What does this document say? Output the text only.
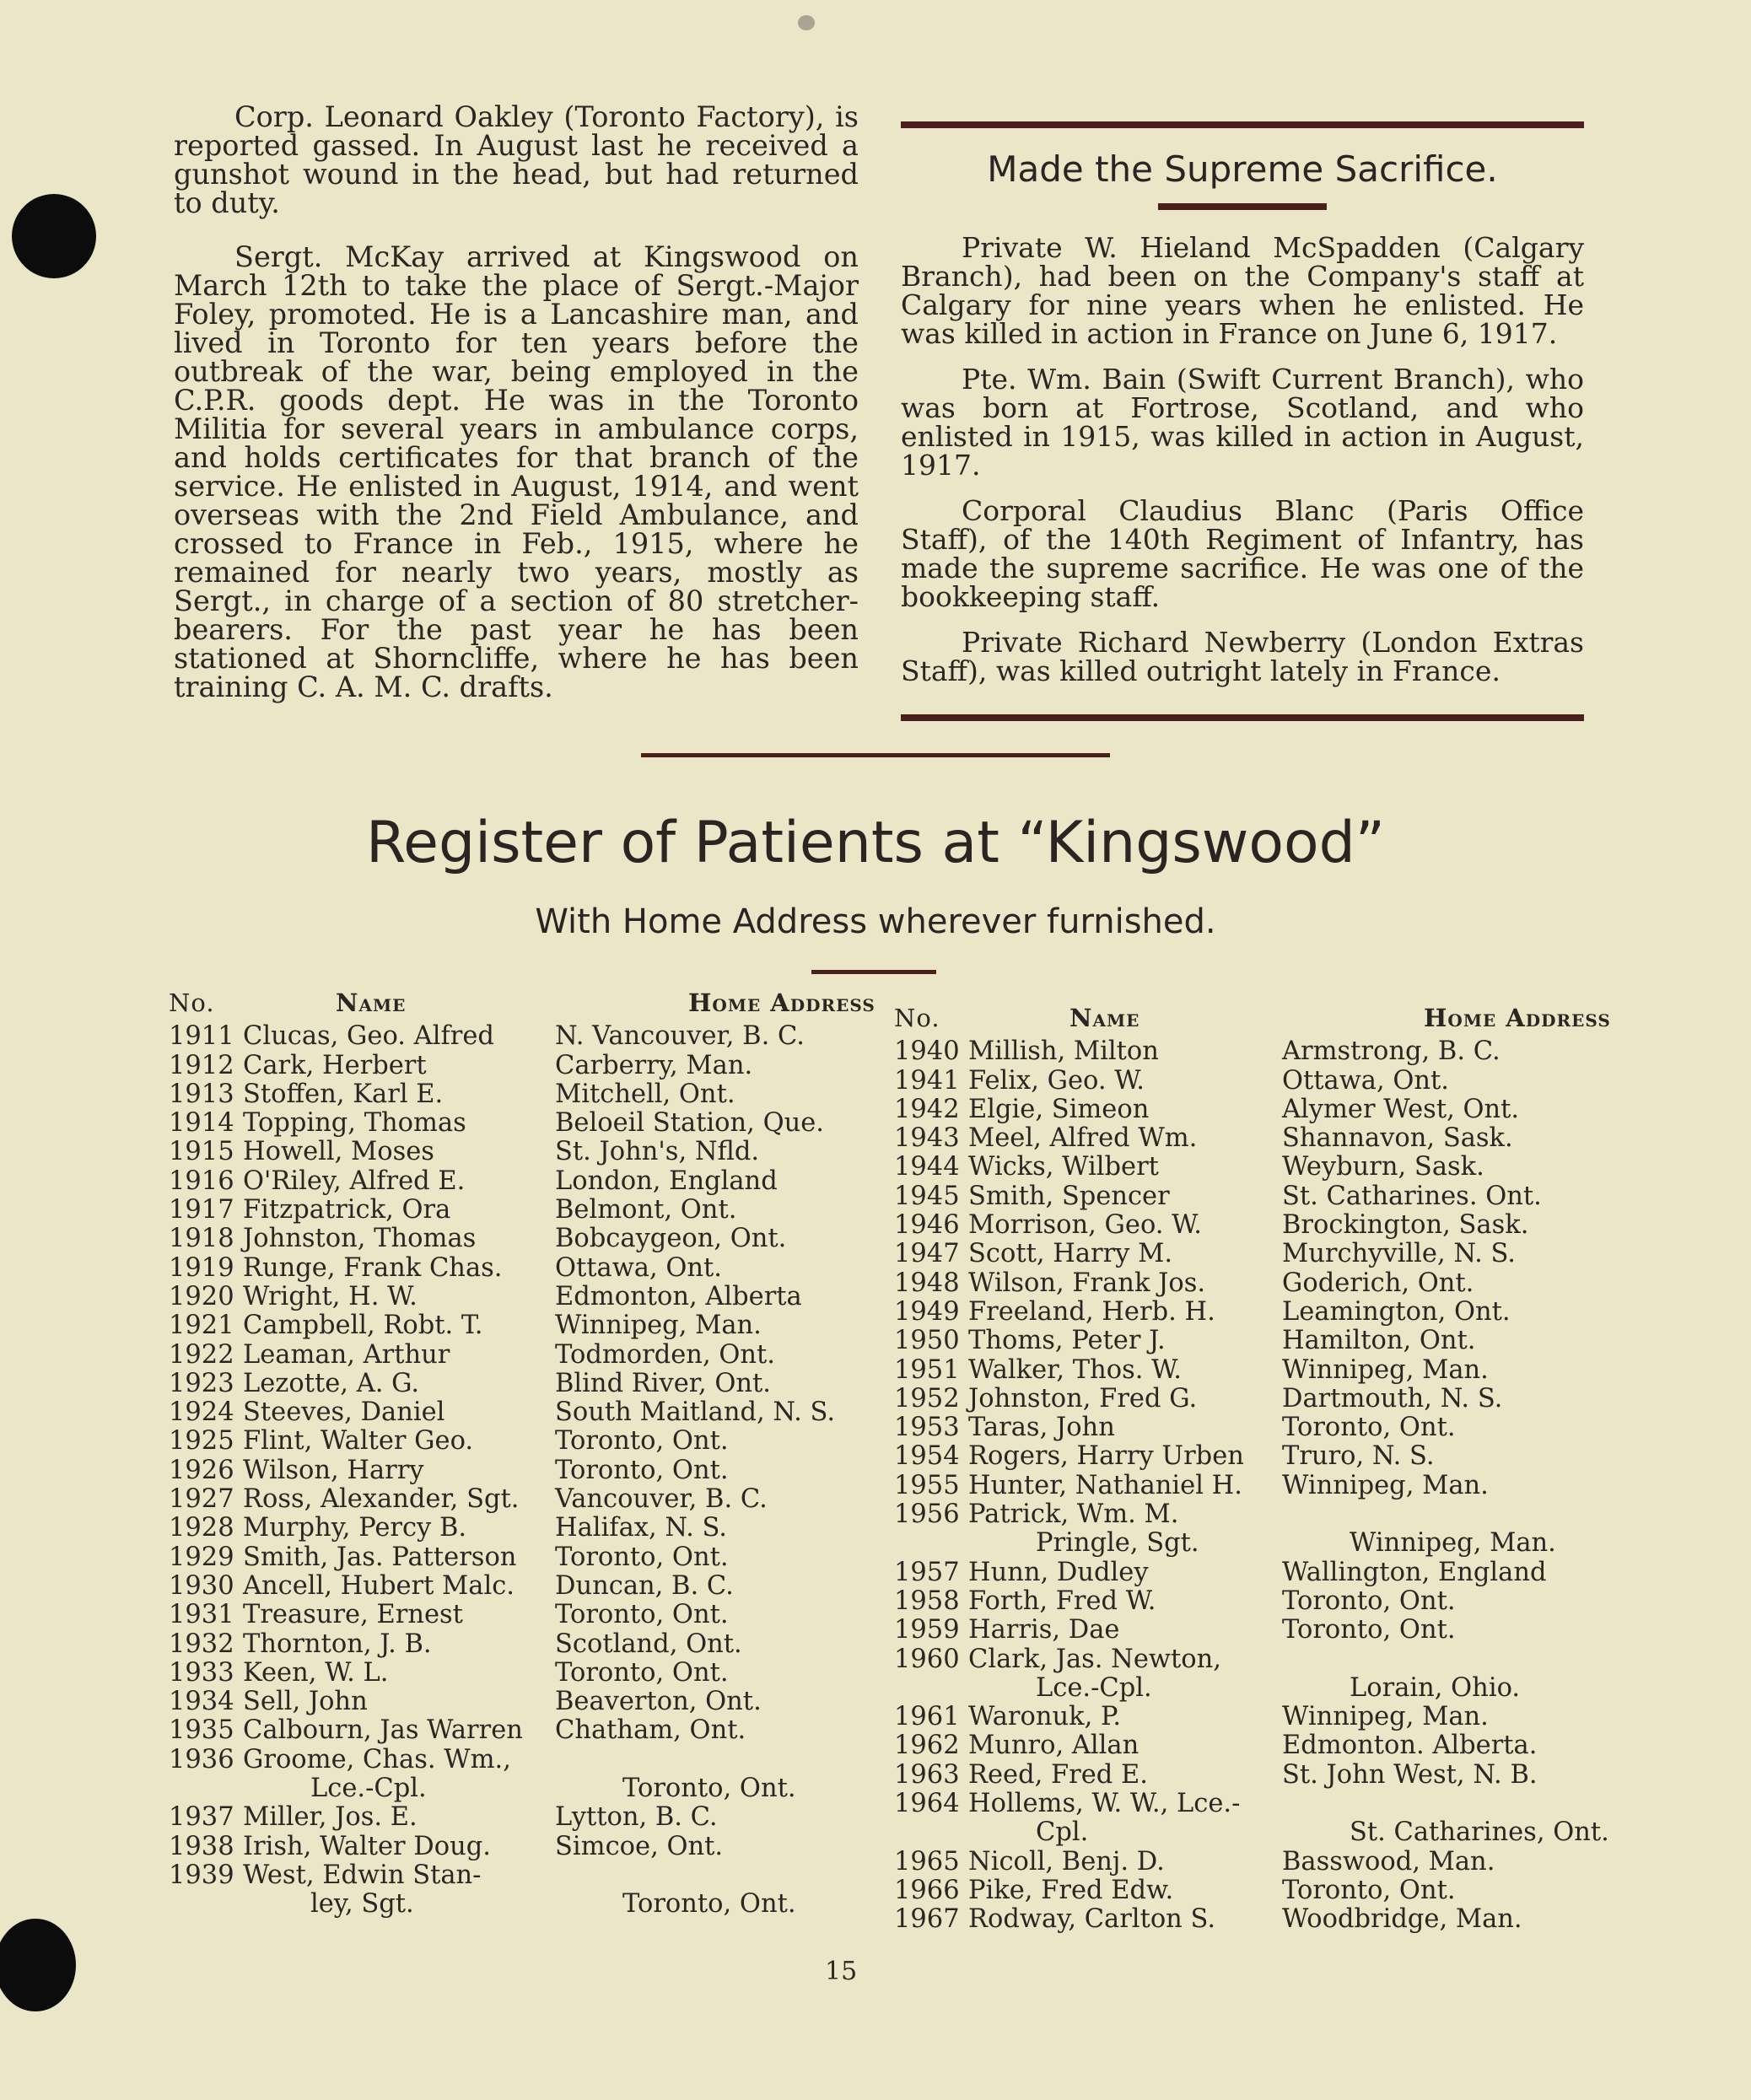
Corp. Leonard Oakley (Toronto Factory), is reported gassed. In August last he received a gunshot wound in the head, but had returned to duty.

Sergt. McKay arrived at Kingswood on March 12th to take the place of Sergt.-Major Foley, promoted. He is a Lancashire man, and lived in Toronto for ten years before the outbreak of the war, being employed in the C.P.R. goods dept. He was in the Toronto Militia for several years in ambulance corps, and holds certificates for that branch of the service. He enlisted in August, 1914, and went overseas with the 2nd Field Ambulance, and crossed to France in Feb., 1915, where he remained for nearly two years, mostly as Sergt., in charge of a section of 80 stretcher-bearers. For the past year he has been stationed at Shorncliffe, where he has been training C. A. M. C. drafts.

Made the Supreme Sacrifice.

Private W. Hieland McSpadden (Calgary Branch), had been on the Company's staff at Calgary for nine years when he enlisted. He was killed in action in France on June 6, 1917.

Pte. Wm. Bain (Swift Current Branch), who was born at Fortrose, Scotland, and who enlisted in 1915, was killed in action in August, 1917.

Corporal Claudius Blanc (Paris Office Staff), of the 140th Regiment of Infantry, has made the supreme sacrifice. He was one of the bookkeeping staff.

Private Richard Newberry (London Extras Staff), was killed outright lately in France.

Register of Patients at “Kingswood”
With Home Address wherever furnished.
No.	Name	Home Address
1911 Clucas, Geo. Alfred	N. Vancouver, B. C.
1912 Cark, Herbert	Carberry, Man.
1913 Stoffen, Karl E.	Mitchell, Ont.
1914 Topping, Thomas	Beloeil Station, Que.
1915 Howell, Moses	St. John's, Nfld.
1916 O'Riley, Alfred E.	London, England
1917 Fitzpatrick, Ora	Belmont, Ont.
1918 Johnston, Thomas	Bobcaygeon, Ont.
1919 Runge, Frank Chas.	Ottawa, Ont.
1920 Wright, H. W.	Edmonton, Alberta
1921 Campbell, Robt. T.	Winnipeg, Man.
1922 Leaman, Arthur	Todmorden, Ont.
1923 Lezotte, A. G.	Blind River, Ont.
1924 Steeves, Daniel	South Maitland, N. S.
1925 Flint, Walter Geo.	Toronto, Ont.
1926 Wilson, Harry	Toronto, Ont.
1927 Ross, Alexander, Sgt.	Vancouver, B. C.
1928 Murphy, Percy B.	Halifax, N. S.
1929 Smith, Jas. Patterson	Toronto, Ont.
1930 Ancell, Hubert Malc.	Duncan, B. C.
1931 Treasure, Ernest	Toronto, Ont.
1932 Thornton, J. B.	Scotland, Ont.
1933 Keen, W. L.	Toronto, Ont.
1934 Sell, John	Beaverton, Ont.
1935 Calbourn, Jas Warren	Chatham, Ont.
1936 Groome, Chas. Wm.,
Lce.-Cpl.	Toronto, Ont.
1937 Miller, Jos. E.	Lytton, B. C.
1938 Irish, Walter Doug.	Simcoe, Ont.
1939 West, Edwin Stan-
ley, Sgt.	Toronto, Ont.
No.	Name	Home Address
1940 Millish, Milton	Armstrong, B. C.
1941 Felix, Geo. W.	Ottawa, Ont.
1942 Elgie, Simeon	Alymer West, Ont.
1943 Meel, Alfred Wm.	Shannavon, Sask.
1944 Wicks, Wilbert	Weyburn, Sask.
1945 Smith, Spencer	St. Catharines. Ont.
1946 Morrison, Geo. W.	Brockington, Sask.
1947 Scott, Harry M.	Murchyville, N. S.
1948 Wilson, Frank Jos.	Goderich, Ont.
1949 Freeland, Herb. H.	Leamington, Ont.
1950 Thoms, Peter J.	Hamilton, Ont.
1951 Walker, Thos. W.	Winnipeg, Man.
1952 Johnston, Fred G.	Dartmouth, N. S.
1953 Taras, John	Toronto, Ont.
1954 Rogers, Harry Urben	Truro, N. S.
1955 Hunter, Nathaniel H.	Winnipeg, Man.
1956 Patrick, Wm. M.
Pringle, Sgt.	Winnipeg, Man.
1957 Hunn, Dudley	Wallington, England
1958 Forth, Fred W.	Toronto, Ont.
1959 Harris, Dae	Toronto, Ont.
1960 Clark, Jas. Newton,
Lce.-Cpl.	Lorain, Ohio.
1961 Waronuk, P.	Winnipeg, Man.
1962 Munro, Allan	Edmonton. Alberta.
1963 Reed, Fred E.	St. John West, N. B.
1964 Hollems, W. W., Lce.-
Cpl.	St. Catharines, Ont.
1965 Nicoll, Benj. D.	Basswood, Man.
1966 Pike, Fred Edw.	Toronto, Ont.
1967 Rodway, Carlton S.	Woodbridge, Man.
15
